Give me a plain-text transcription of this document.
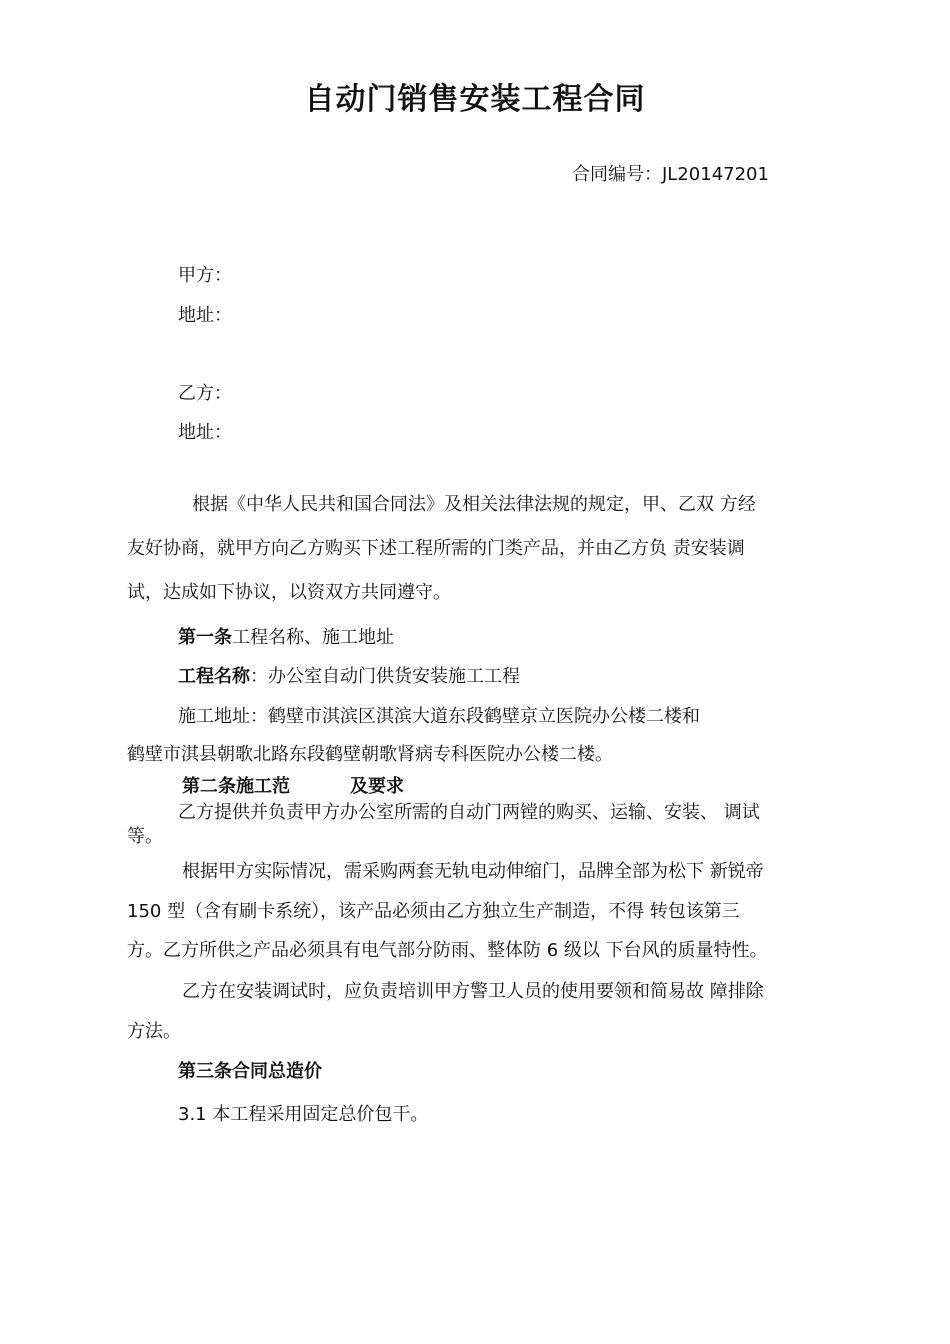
自动门销售安装工程合同
合同编号：JL20147201
甲方：
地址：
乙方：
地址：
根据《中华人民共和国合同法》及相关法律法规的规定，甲、乙双 方经
友好协商，就甲方向乙方购买下述工程所需的门类产品，并由乙方负 责安装调
试，达成如下协议，以资双方共同遵守。
第一条工程名称、施工地址
工程名称：办公室自动门供货安装施工工程
施工地址：鹤壁市淇滨区淇滨大道东段鹤壁京立医院办公楼二楼和
鹤壁市淇县朝歌北路东段鹤壁朝歌肾病专科医院办公楼二楼。
第二条施工范	及要求
乙方提供并负责甲方办公室所需的自动门两镗的购买、运输、安装、 调试
等。
根据甲方实际情况，需采购两套无轨电动伸缩门，品牌全部为松下 新锐帝
150 型（含有刷卡系统），该产品必须由乙方独立生产制造，不得 转包该第三
方。乙方所供之产品必须具有电气部分防雨、整体防 6 级以 下台风的质量特性。
乙方在安装调试时，应负责培训甲方警卫人员的使用要领和简易故 障排除
方法。
第三条合同总造价
3.1 本工程采用固定总价包干。
